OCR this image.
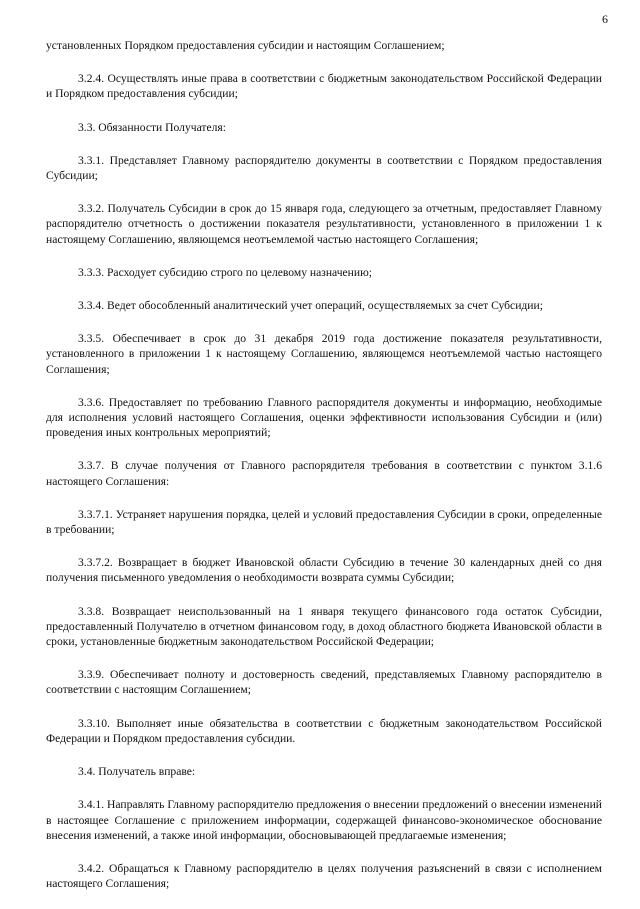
6

установленных Порядком предоставления субсидии и настоящим Соглашением;

3.2.4. Осуществлять иные права в соответствии с бюджетным законодательством Российской Федерации и Порядком предоставления субсидии;

3.3. Обязанности Получателя:

3.3.1. Представляет Главному распорядителю документы в соответствии с Порядком предоставления Субсидии;

3.3.2. Получатель Субсидии в срок до 15 января года, следующего за отчетным, предоставляет Главному распорядителю отчетность о достижении показателя результативности, установленного в приложении 1 к настоящему Соглашению, являющемся неотъемлемой частью настоящего Соглашения;

3.3.3. Расходует субсидию строго по целевому назначению;

3.3.4. Ведет обособленный аналитический учет операций, осуществляемых за счет Субсидии;

3.3.5. Обеспечивает в срок до 31 декабря 2019 года достижение показателя результативности, установленного в приложении 1 к настоящему Соглашению, являющемся неотъемлемой частью настоящего Соглашения;

3.3.6. Предоставляет по требованию Главного распорядителя документы и информацию, необходимые для исполнения условий настоящего Соглашения, оценки эффективности использования Субсидии и (или) проведения иных контрольных мероприятий;

3.3.7. В случае получения от Главного распорядителя требования в соответствии с пунктом 3.1.6 настоящего Соглашения:

3.3.7.1. Устраняет нарушения порядка, целей и условий предоставления Субсидии в сроки, определенные в требовании;

3.3.7.2. Возвращает в бюджет Ивановской области Субсидию в течение 30 календарных дней со дня получения письменного уведомления о необходимости возврата суммы Субсидии;

3.3.8. Возвращает неиспользованный на 1 января текущего финансового года остаток Субсидии, предоставленный Получателю в отчетном финансовом году, в доход областного бюджета Ивановской области в сроки, установленные бюджетным законодательством Российской Федерации;

3.3.9. Обеспечивает полноту и достоверность сведений, представляемых Главному распорядителю в соответствии с настоящим Соглашением;

3.3.10. Выполняет иные обязательства в соответствии с бюджетным законодательством Российской Федерации и Порядком предоставления субсидии.

3.4. Получатель вправе:

3.4.1. Направлять Главному распорядителю предложения о внесении предложений о внесении изменений в настоящее Соглашение с приложением информации, содержащей финансово-экономическое обоснование внесения изменений, а также иной информации, обосновывающей предлагаемые изменения;

3.4.2. Обращаться к Главному распорядителю в целях получения разъяснений в связи с исполнением настоящего Соглашения;
